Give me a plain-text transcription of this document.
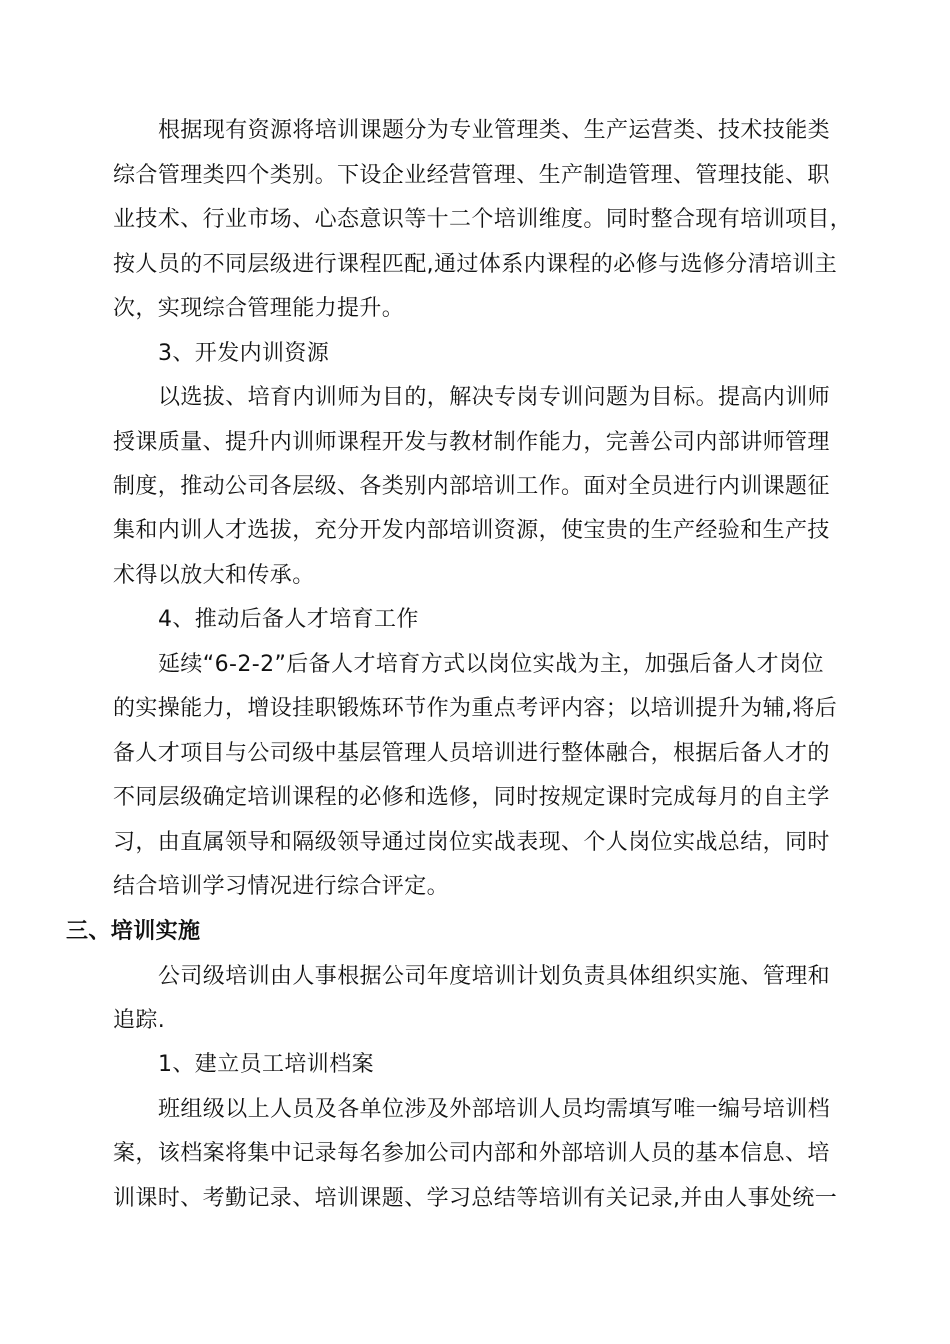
根据现有资源将培训课题分为专业管理类、生产运营类、技术技能类
综合管理类四个类别。下设企业经营管理、生产制造管理、管理技能、职
业技术、行业市场、心态意识等十二个培训维度。同时整合现有培训项目，
按人员的不同层级进行课程匹配,通过体系内课程的必修与选修分清培训主
次，实现综合管理能力提升。
3、开发内训资源
以选拔、培育内训师为目的，解决专岗专训问题为目标。提高内训师
授课质量、提升内训师课程开发与教材制作能力，完善公司内部讲师管理
制度，推动公司各层级、各类别内部培训工作。面对全员进行内训课题征
集和内训人才选拔，充分开发内部培训资源，使宝贵的生产经验和生产技
术得以放大和传承。
4、推动后备人才培育工作
延续“6-2-2”后备人才培育方式以岗位实战为主，加强后备人才岗位
的实操能力，增设挂职锻炼环节作为重点考评内容；以培训提升为辅,将后
备人才项目与公司级中基层管理人员培训进行整体融合，根据后备人才的
不同层级确定培训课程的必修和选修，同时按规定课时完成每月的自主学
习，由直属领导和隔级领导通过岗位实战表现、个人岗位实战总结，同时
结合培训学习情况进行综合评定。
三、培训实施
公司级培训由人事根据公司年度培训计划负责具体组织实施、管理和
追踪.
1、建立员工培训档案
班组级以上人员及各单位涉及外部培训人员均需填写唯一编号培训档
案，该档案将集中记录每名参加公司内部和外部培训人员的基本信息、培
训课时、考勤记录、培训课题、学习总结等培训有关记录,并由人事处统一
